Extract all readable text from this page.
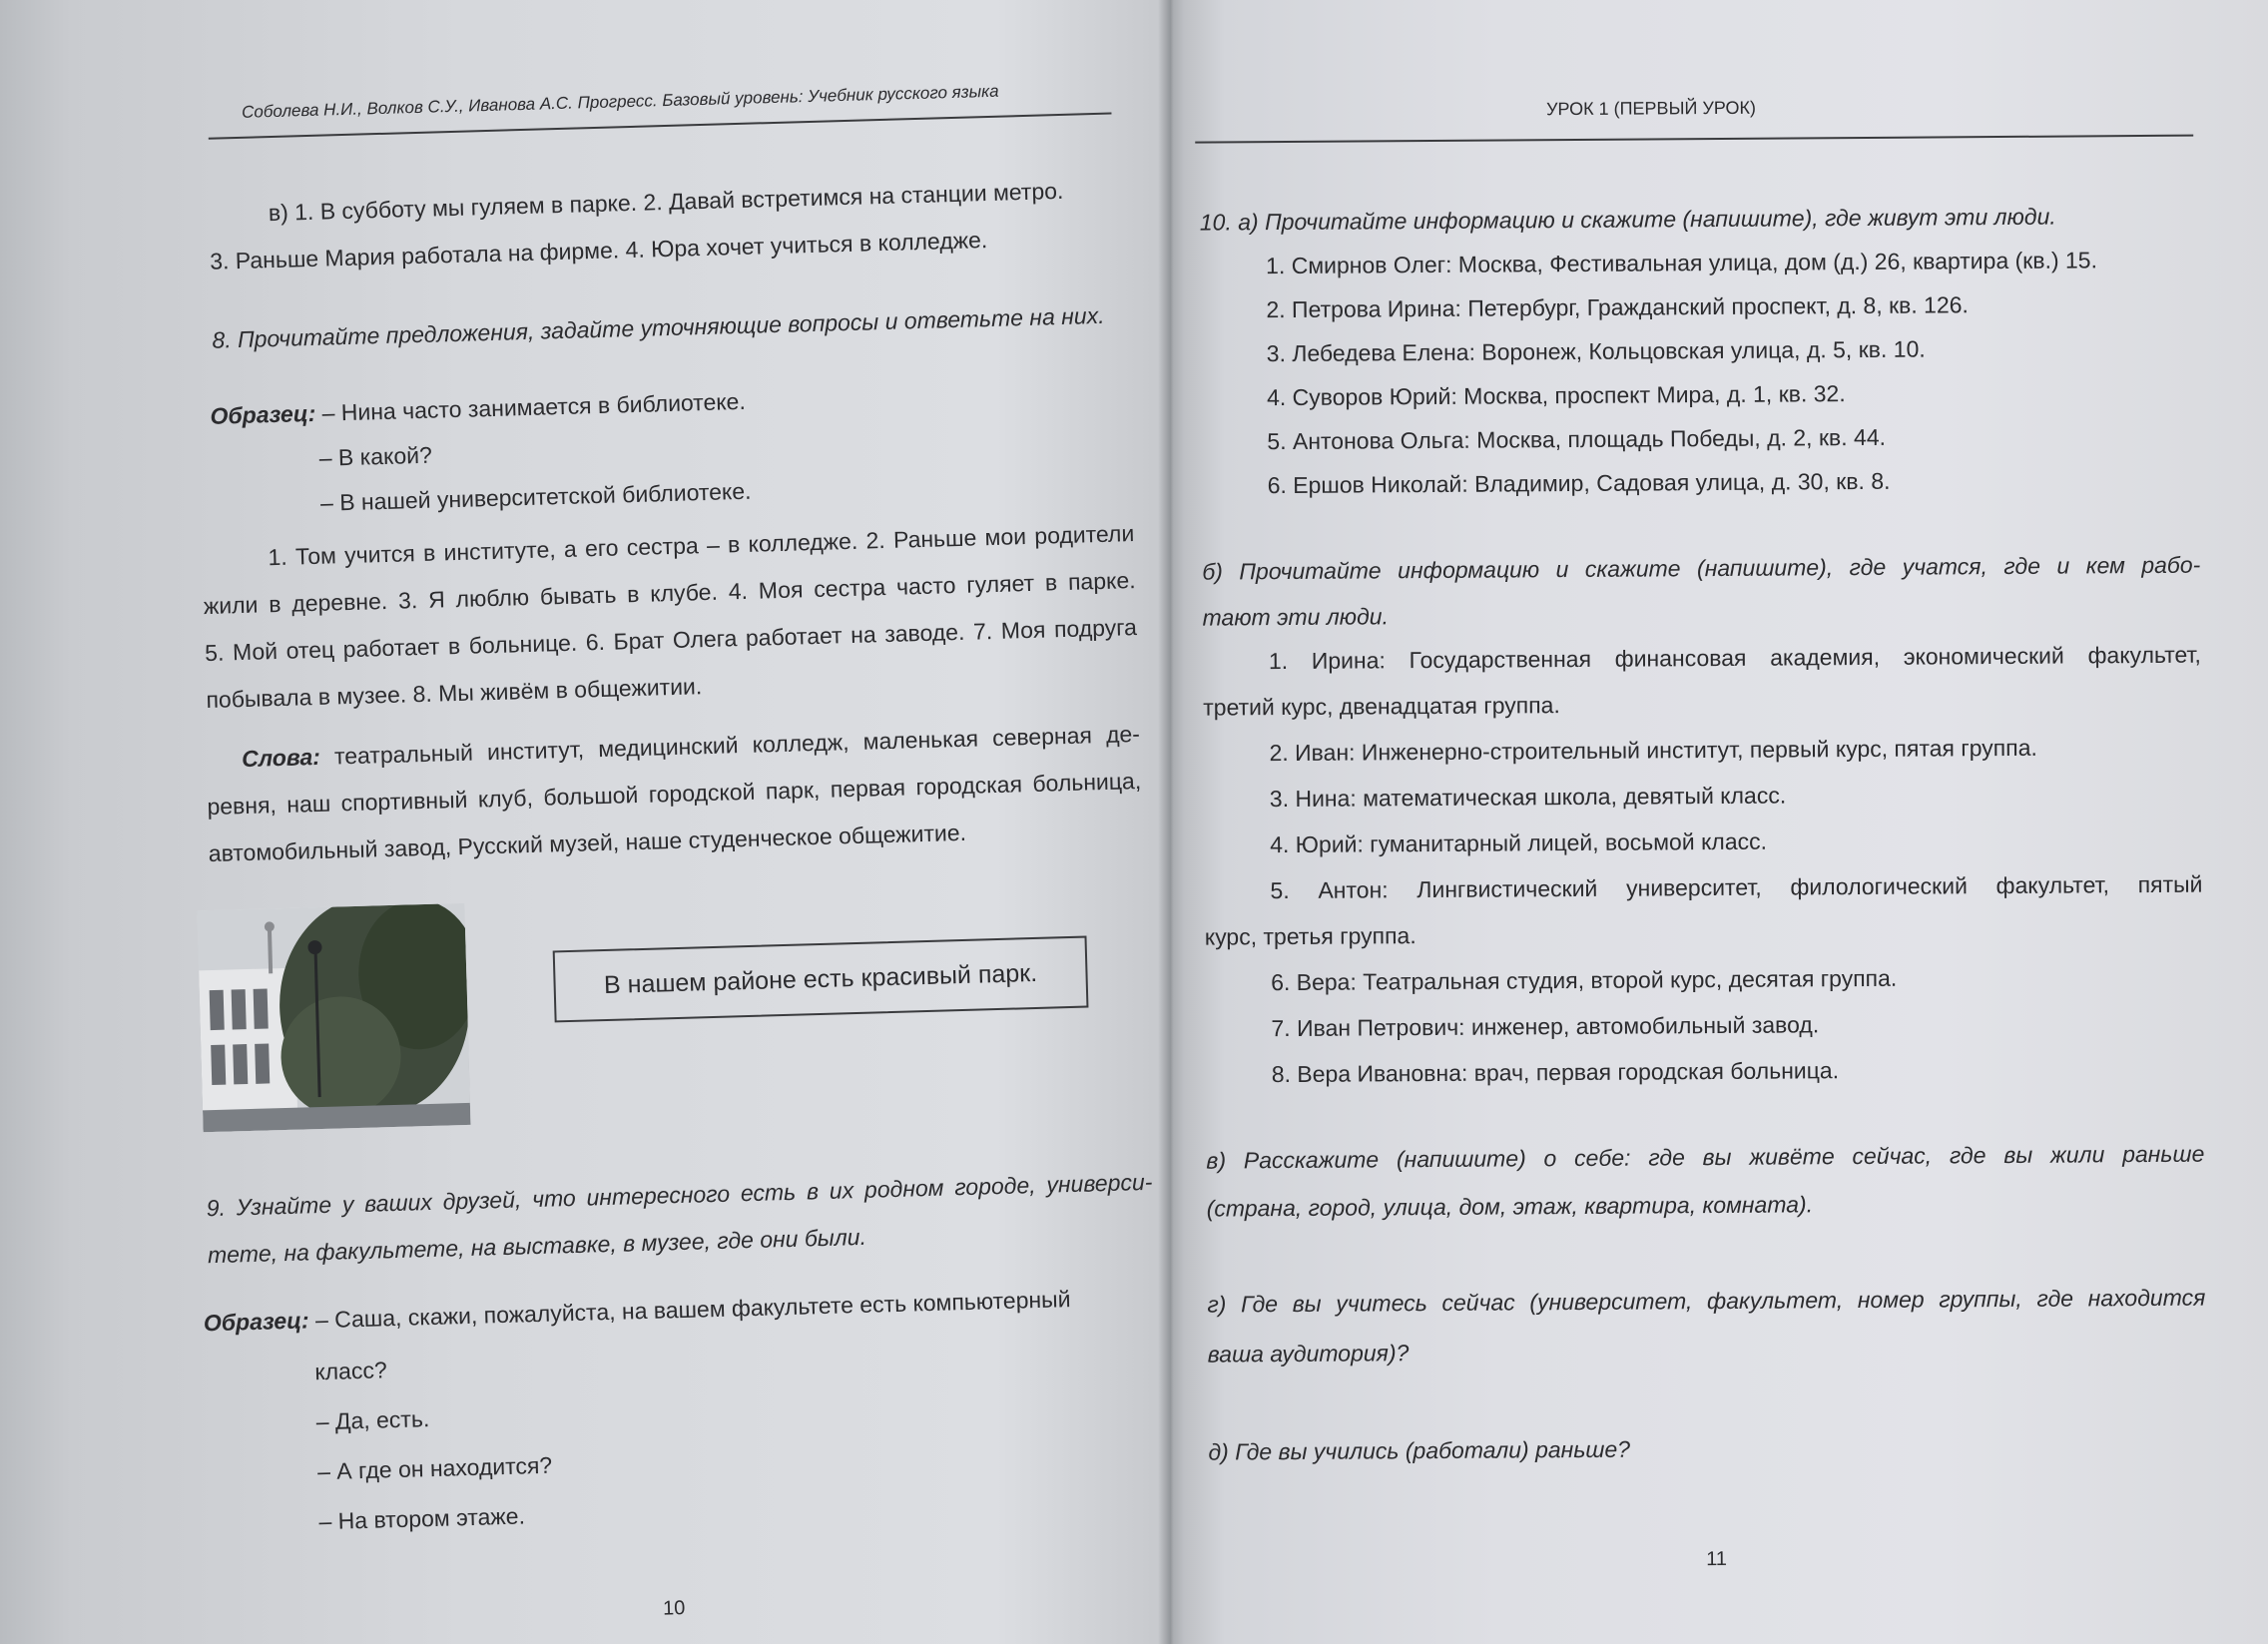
Соболева Н.И., Волков С.У., Иванова А.С. Прогресс. Базовый уровень: Учебник русского языка
в) 1. В субботу мы гуляем в парке. 2. Давай встретимся на станции метро.
3. Раньше Мария работала на фирме. 4. Юра хочет учиться в колледже.
8. Прочитайте предложения, задайте уточняющие вопросы и ответьте на них.
Образец: – Нина часто занимается в библиотеке.
– В какой?
– В нашей университетской библиотеке.
1. Том учится в институте, а его сестра – в колледже. 2. Раньше мои родители
жили в деревне. 3. Я люблю бывать в клубе. 4. Моя сестра часто гуляет в парке.
5. Мой отец работает в больнице. 6. Брат Олега работает на заводе. 7. Моя подруга
побывала в музее. 8. Мы живём в общежитии.
Слова: театральный институт, медицинский колледж, маленькая северная де-
ревня, наш спортивный клуб, большой городской парк, первая городская больница,
автомобильный завод, Русский музей, наше студенческое общежитие.
В нашем районе есть красивый парк.
9. Узнайте у ваших друзей, что интересного есть в их родном городе, универси-
тете, на факультете, на выставке, в музее, где они были.
Образец: – Саша, скажи, пожалуйста, на вашем факультете есть компьютерный
класс?
– Да, есть.
– А где он находится?
– На втором этаже.
10
УРОК 1 (ПЕРВЫЙ УРОК)
10. а) Прочитайте информацию и скажите (напишите), где живут эти люди.
1. Смирнов Олег: Москва, Фестивальная улица, дом (д.) 26, квартира (кв.) 15.
2. Петрова Ирина: Петербург, Гражданский проспект, д. 8, кв. 126.
3. Лебедева Елена: Воронеж, Кольцовская улица, д. 5, кв. 10.
4. Суворов Юрий: Москва, проспект Мира, д. 1, кв. 32.
5. Антонова Ольга: Москва, площадь Победы, д. 2, кв. 44.
6. Ершов Николай: Владимир, Садовая улица, д. 30, кв. 8.
б) Прочитайте информацию и скажите (напишите), где учатся, где и кем рабо-
тают эти люди.
1. Ирина: Государственная финансовая академия, экономический факультет,
третий курс, двенадцатая группа.
2. Иван: Инженерно-строительный институт, первый курс, пятая группа.
3. Нина: математическая школа, девятый класс.
4. Юрий: гуманитарный лицей, восьмой класс.
5. Антон: Лингвистический университет, филологический факультет, пятый
курс, третья группа.
6. Вера: Театральная студия, второй курс, десятая группа.
7. Иван Петрович: инженер, автомобильный завод.
8. Вера Ивановна: врач, первая городская больница.
в) Расскажите (напишите) о себе: где вы живёте сейчас, где вы жили раньше
(страна, город, улица, дом, этаж, квартира, комната).
г) Где вы учитесь сейчас (университет, факультет, номер группы, где находится
ваша аудитория)?
д) Где вы учились (работали) раньше?
11
